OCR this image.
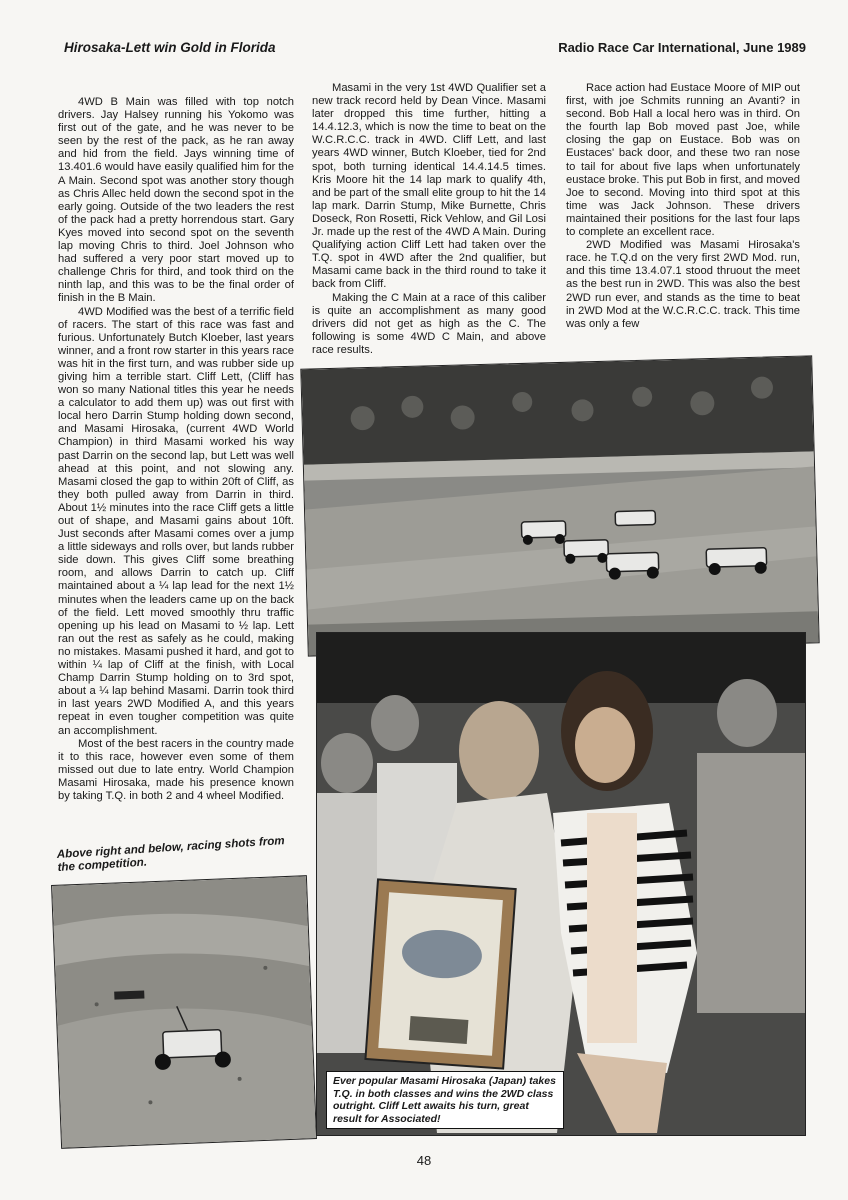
Hirosaka-Lett win Gold in Florida	Radio Race Car International, June 1989

4WD B Main was filled with top notch drivers. Jay Halsey running his Yokomo was first out of the gate, and he was never to be seen by the rest of the pack, as he ran away and hid from the field. Jays winning time of 13.401.6 would have easily qualified him for the A Main. Second spot was another story though as Chris Allec held down the second spot in the early going. Outside of the two leaders the rest of the pack had a pretty horrendous start. Gary Kyes moved into second spot on the seventh lap moving Chris to third. Joel Johnson who had suffered a very poor start moved up to challenge Chris for third, and took third on the ninth lap, and this was to be the final order of finish in the B Main.

4WD Modified was the best of a terrific field of racers. The start of this race was fast and furious. Unfortunately Butch Kloeber, last years winner, and a front row starter in this years race was hit in the first turn, and was rubber side up giving him a terrible start. Cliff Lett, (Cliff has won so many National titles this year he needs a calculator to add them up) was out first with local hero Darrin Stump holding down second, and Masami Hirosaka, (current 4WD World Champion) in third Masami worked his way past Darrin on the second lap, but Lett was well ahead at this point, and not slowing any. Masami closed the gap to within 20ft of Cliff, as they both pulled away from Darrin in third. About 1½ minutes into the race Cliff gets a little out of shape, and Masami gains about 10ft. Just seconds after Masami comes over a jump a little sideways and rolls over, but lands rubber side down. This gives Cliff some breathing room, and allows Darrin to catch up. Cliff maintained about a ¼ lap lead for the next 1½ minutes when the leaders came up on the back of the field. Lett moved smoothly thru traffic opening up his lead on Masami to ½ lap. Lett ran out the rest as safely as he could, making no mistakes. Masami pushed it hard, and got to within ¼ lap of Cliff at the finish, with Local Champ Darrin Stump holding on to 3rd spot, about a ¼ lap behind Masami. Darrin took third in last years 2WD Modified A, and this years repeat in even tougher competition was quite an accomplishment.

Most of the best racers in the country made it to this race, however even some of them missed out due to late entry. World Champion Masami Hirosaka, made his presence known by taking T.Q. in both 2 and 4 wheel Modified.

Masami in the very 1st 4WD Qualifier set a new track record held by Dean Vince. Masami later dropped this time further, hitting a 14.4.12.3, which is now the time to beat on the W.C.R.C.C. track in 4WD. Cliff Lett, and last years 4WD winner, Butch Kloeber, tied for 2nd spot, both turning identical 14.4.14.5 times. Kris Moore hit the 14 lap mark to qualify 4th, and be part of the small elite group to hit the 14 lap mark. Darrin Stump, Mike Burnette, Chris Doseck, Ron Rosetti, Rick Vehlow, and Gil Losi Jr. made up the rest of the 4WD A Main. During Qualifying action Cliff Lett had taken over the T.Q. spot in 4WD after the 2nd qualifier, but Masami came back in the third round to take it back from Cliff.

Making the C Main at a race of this caliber is quite an accomplishment as many good drivers did not get as high as the C. The following is some 4WD C Main, and above race results.

Race action had Eustace Moore of MIP out first, with joe Schmits running an Avanti? in second. Bob Hall a local hero was in third. On the fourth lap Bob moved past Joe, while closing the gap on Eustace. Bob was on Eustaces' back door, and these two ran nose to tail for about five laps when unfortunately eustace broke. This put Bob in first, and moved Joe to second. Moving into third spot at this time was Jack Johnson. These drivers maintained their positions for the last four laps to complete an excellent race.

2WD Modified was Masami Hirosaka's race. he T.Q.d on the very first 2WD Mod. run, and this time 13.4.07.1 stood thruout the meet as the best run in 2WD. This was also the best 2WD run ever, and stands as the time to beat in 2WD Mod at the W.C.R.C.C. track. This time was only a few

Above right and below, racing shots from the competition.
Ever popular Masami Hirosaka (Japan) takes T.Q. in both classes and wins the 2WD class outright. Cliff Lett awaits his turn, great result for Associated!
48
